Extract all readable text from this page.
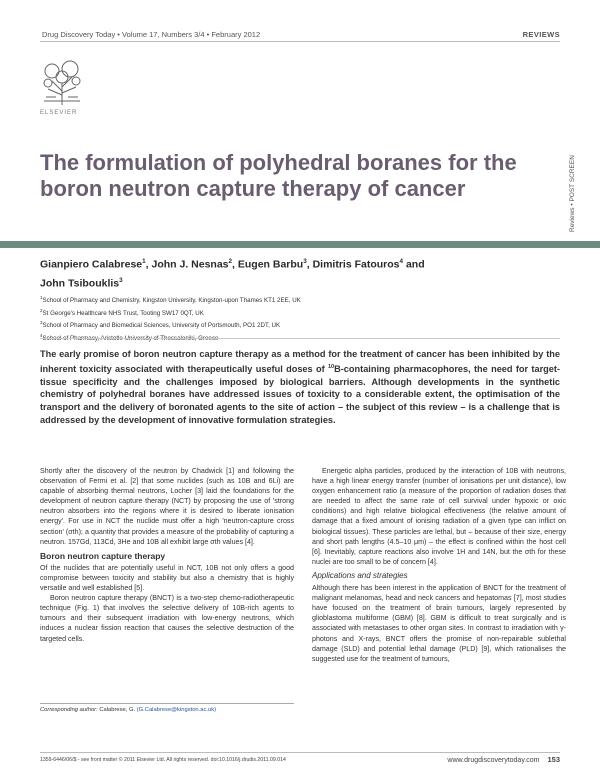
Drug Discovery Today • Volume 17, Numbers 3/4 • February 2012	REVIEWS
ELSEVIER
The formulation of polyhedral boranes for the boron neutron capture therapy of cancer	Reviews • POST SCREEN
Gianpiero Calabrese$^1$, John J. Nesnas$^2$, Eugen Barbu$^3$, Dimitris Fatouros$^4$ and
John Tsibouklis$^3$
$^1$School of Pharmacy and Chemistry, Kingston University, Kingston-upon Thames KT1 2EE, UK
$^2$St George's Healthcare NHS Trust, Tooting SW17 0QT, UK
$^3$School of Pharmacy and Biomedical Sciences, University of Portsmouth, PO1 2DT, UK
$^4$
The early promise of boron neutron capture therapy as a method for the treatment of cancer has been inhibited by the inherent toxicity associated with therapeutically useful doses of $^{10}$B-containing pharmacophores, the need for target-tissue specificity and the challenges imposed by biological barriers. Although developments in the synthetic chemistry of polyhedral boranes have addressed issues of toxicity to a considerable extent, the optimisation of the transport and the delivery of boronated agents to the site of action – the subject of this review – is a challenge that is addressed by the development of innovative formulation strategies.

Shortly after the discovery of the neutron by Chadwick [1] and following the observation of Fermi et al. [2] that some nuclides (such as 10B and 6Li) are capable of absorbing thermal neutrons, Locher [3] laid the foundations for the development of neutron capture therapy (NCT) by proposing the use of 'strong neutron absorbers into the regions where it is desired to liberate ionisation energy'. For use in NCT the nuclide must offer a high 'neutron-capture cross section' (σth); a quantity that provides a measure of the probability of capturing a neutron. 157Gd, 113Cd, 3He and 10B all exhibit large σth values [4].

Boron neutron capture therapy

Of the nuclides that are potentially useful in NCT, 10B not only offers a good compromise between toxicity and stability but also a chemistry that is highly versatile and well established [5].

Boron neutron capture therapy (BNCT) is a two-step chemo-radiotherapeutic technique (Fig. 1) that involves the selective delivery of 10B-rich agents to tumours and their subsequent irradiation with low-energy neutrons, which induces a nuclear fission reaction that causes the selective destruction of the targeted cells.

Energetic alpha particles, produced by the interaction of 10B with neutrons, have a high linear energy transfer (number of ionisations per unit distance), low oxygen enhancement ratio (a measure of the proportion of radiation doses that are needed to affect the same rate of cell survival under hypoxic or oxic conditions) and high relative biological effectiveness (the relative amount of damage that a fixed amount of ionising radiation of a given type can inflict on biological tissues). These particles are lethal, but – because of their size, energy and short path lengths (4.5–10 μm) – the effect is confined within the host cell [6]. Inevitably, capture reactions also involve 1H and 14N, but the σth for these nuclei are too small to be of concern [4].

Applications and strategies

Although there has been interest in the application of BNCT for the treatment of malignant melanomas, head and neck cancers and hepatomas [7], most studies have focused on the treatment of brain tumours, largely represented by glioblastoma multiforme (GBM) [8]. GBM is difficult to treat surgically and is associated with metastases to other organ sites. In contrast to irradiation with γ-photons and X-rays, BNCT offers the promise of non-repairable sublethal damage (SLD) and potential lethal damage (PLD) [9], which rationalises the suggested use for the treatment of tumours,

Corresponding author: Calabrese, G. (G.Calabrese@kingston.ac.uk)
1359-6446/06/$ - see front matter © 2011 Elsevier Ltd. All rights reserved. doi:10.1016/j.drudis.2011.09.014	www.drugdiscoverytoday.com 153
